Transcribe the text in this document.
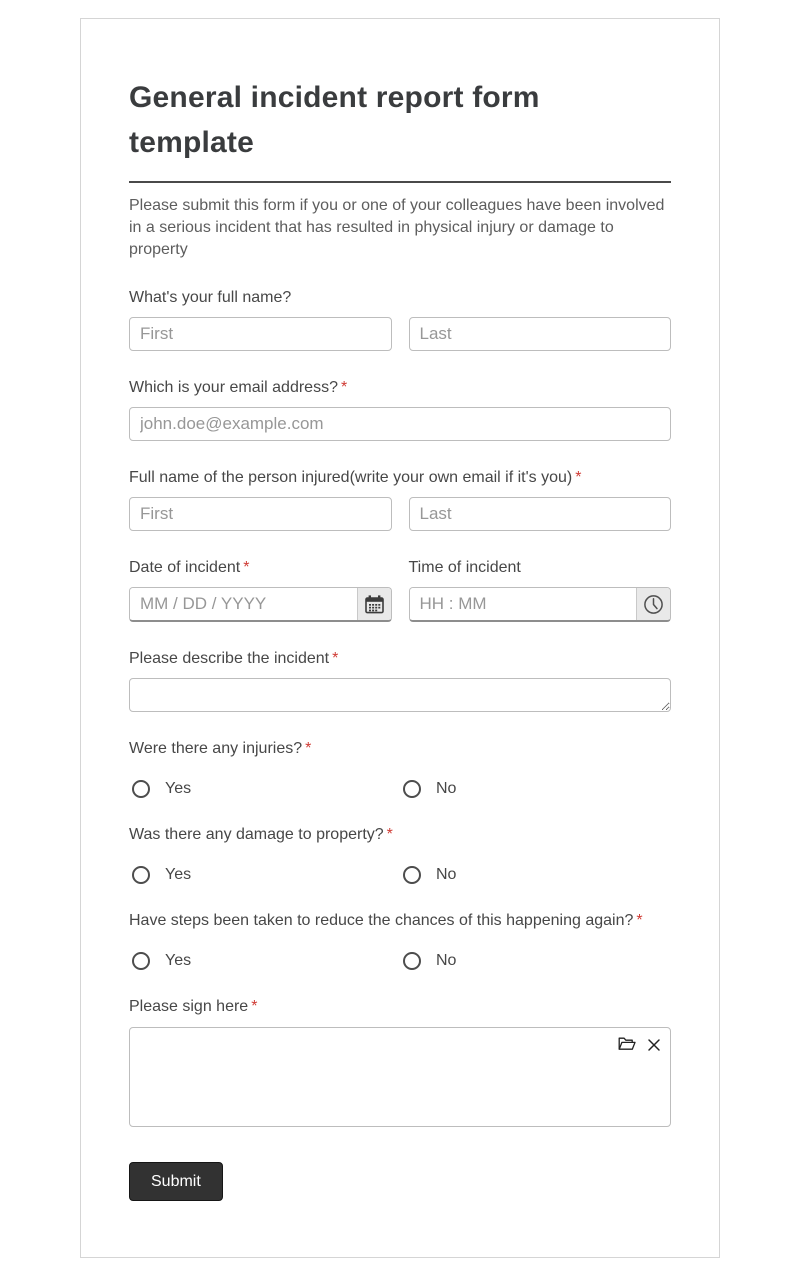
General incident report form template

Please submit this form if you or one of your colleagues have been involved in a serious incident that has resulted in physical injury or damage to property

What's your full name?
First
Last
Which is your email address? *
john.doe@example.com
Full name of the person injured(write your own email if it's you) *
First
Last
Date of incident *	Time of incident
MM / DD / YYYY
HH : MM
Please describe the incident *
Were there any injuries? *
Yes	No
Was there any damage to property? *
Yes	No
Have steps been taken to reduce the chances of this happening again? *
Yes	No
Please sign here *
Submit
